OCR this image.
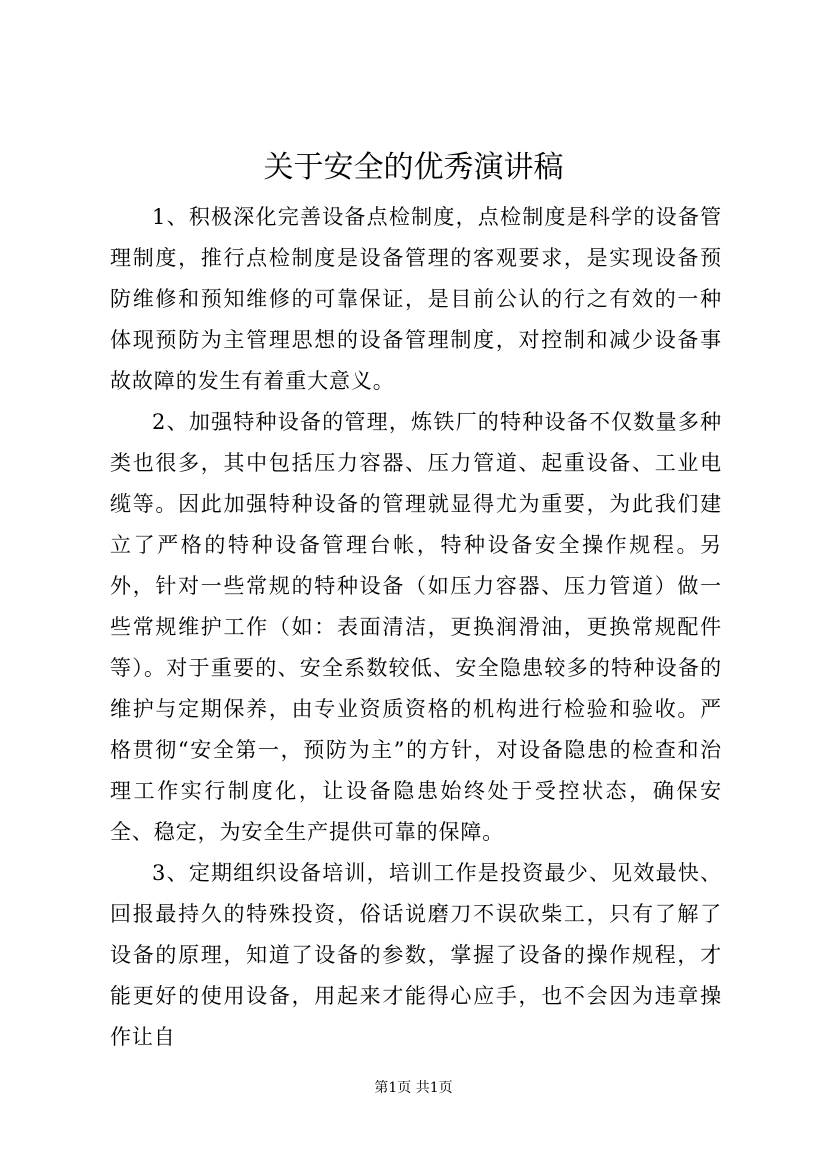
关于安全的优秀演讲稿

1、积极深化完善设备点检制度，点检制度是科学的设备管理制度，推行点检制度是设备管理的客观要求，是实现设备预防维修和预知维修的可靠保证，是目前公认的行之有效的一种体现预防为主管理思想的设备管理制度，对控制和减少设备事故故障的发生有着重大意义。

2、加强特种设备的管理，炼铁厂的特种设备不仅数量多种类也很多，其中包括压力容器、压力管道、起重设备、工业电缆等。因此加强特种设备的管理就显得尤为重要，为此我们建立了严格的特种设备管理台帐，特种设备安全操作规程。另外，针对一些常规的特种设备（如压力容器、压力管道）做一些常规维护工作（如：表面清洁，更换润滑油，更换常规配件等）。对于重要的、安全系数较低、安全隐患较多的特种设备的维护与定期保养，由专业资质资格的机构进行检验和验收。严格贯彻“安全第一，预防为主”的方针，对设备隐患的检查和治理工作实行制度化，让设备隐患始终处于受控状态，确保安全、稳定，为安全生产提供可靠的保障。

3、定期组织设备培训，培训工作是投资最少、见效最快、回报最持久的特殊投资，俗话说磨刀不误砍柴工，只有了解了设备的原理，知道了设备的参数，掌握了设备的操作规程，才能更好的使用设备，用起来才能得心应手，也不会因为违章操作让自

第1页 共1页
